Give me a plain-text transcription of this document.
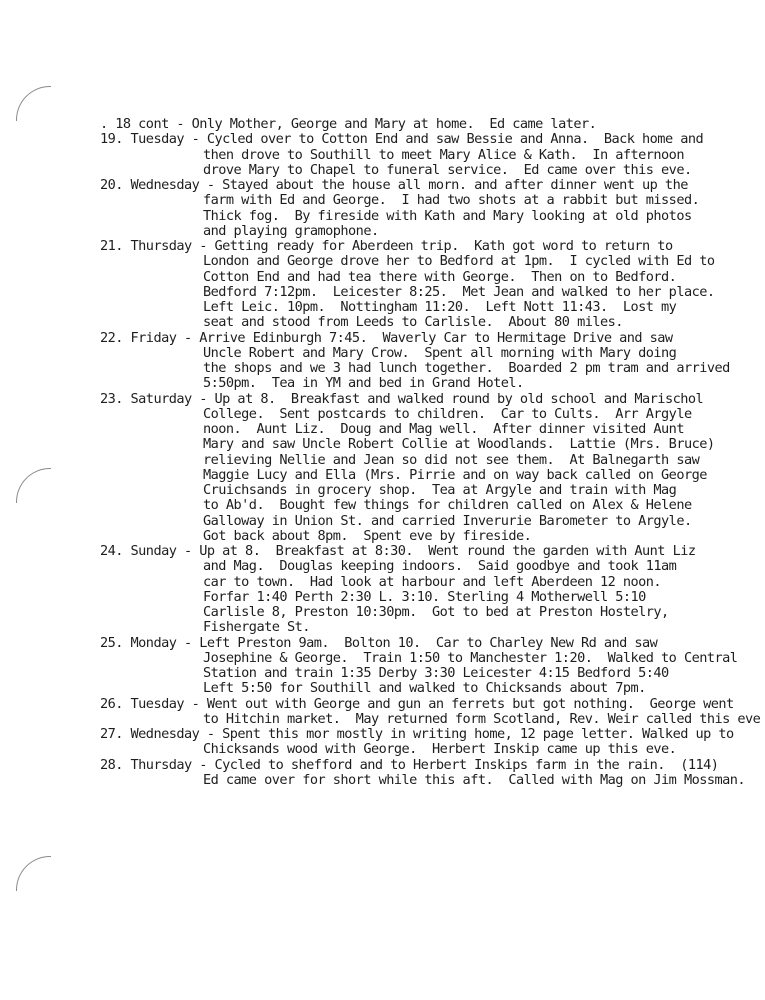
. 18 cont - Only Mother, George and Mary at home.  Ed came later.
19. Tuesday - Cycled over to Cotton End and saw Bessie and Anna.  Back home and
then drove to Southill to meet Mary Alice & Kath.  In afternoon
drove Mary to Chapel to funeral service.  Ed came over this eve.
20. Wednesday - Stayed about the house all morn. and after dinner went up the
farm with Ed and George.  I had two shots at a rabbit but missed.
Thick fog.  By fireside with Kath and Mary looking at old photos
and playing gramophone.
21. Thursday - Getting ready for Aberdeen trip.  Kath got word to return to
London and George drove her to Bedford at 1pm.  I cycled with Ed to
Cotton End and had tea there with George.  Then on to Bedford.
Bedford 7:12pm.  Leicester 8:25.  Met Jean and walked to her place.
Left Leic. 10pm.  Nottingham 11:20.  Left Nott 11:43.  Lost my
seat and stood from Leeds to Carlisle.  About 80 miles.
22. Friday - Arrive Edinburgh 7:45.  Waverly Car to Hermitage Drive and saw
Uncle Robert and Mary Crow.  Spent all morning with Mary doing
the shops and we 3 had lunch together.  Boarded 2 pm tram and arrived
5:50pm.  Tea in YM and bed in Grand Hotel.
23. Saturday - Up at 8.  Breakfast and walked round by old school and Marischol
College.  Sent postcards to children.  Car to Cults.  Arr Argyle
noon.  Aunt Liz.  Doug and Mag well.  After dinner visited Aunt
Mary and saw Uncle Robert Collie at Woodlands.  Lattie (Mrs. Bruce)
relieving Nellie and Jean so did not see them.  At Balnegarth saw
Maggie Lucy and Ella (Mrs. Pirrie and on way back called on George
Cruichsands in grocery shop.  Tea at Argyle and train with Mag
to Ab'd.  Bought few things for children called on Alex & Helene
Galloway in Union St. and carried Inverurie Barometer to Argyle.
Got back about 8pm.  Spent eve by fireside.
24. Sunday - Up at 8.  Breakfast at 8:30.  Went round the garden with Aunt Liz
and Mag.  Douglas keeping indoors.  Said goodbye and took 11am
car to town.  Had look at harbour and left Aberdeen 12 noon.
Forfar 1:40 Perth 2:30 L. 3:10. Sterling 4 Motherwell 5:10
Carlisle 8, Preston 10:30pm.  Got to bed at Preston Hostelry,
Fishergate St.
25. Monday - Left Preston 9am.  Bolton 10.  Car to Charley New Rd and saw
Josephine & George.  Train 1:50 to Manchester 1:20.  Walked to Central
Station and train 1:35 Derby 3:30 Leicester 4:15 Bedford 5:40
Left 5:50 for Southill and walked to Chicksands about 7pm.
26. Tuesday - Went out with George and gun an ferrets but got nothing.  George went
to Hitchin market.  May returned form Scotland, Rev. Weir called this eve
27. Wednesday - Spent this mor mostly in writing home, 12 page letter. Walked up to
Chicksands wood with George.  Herbert Inskip came up this eve.
28. Thursday - Cycled to shefford and to Herbert Inskips farm in the rain.  (114)
Ed came over for short while this aft.  Called with Mag on Jim Mossman.
